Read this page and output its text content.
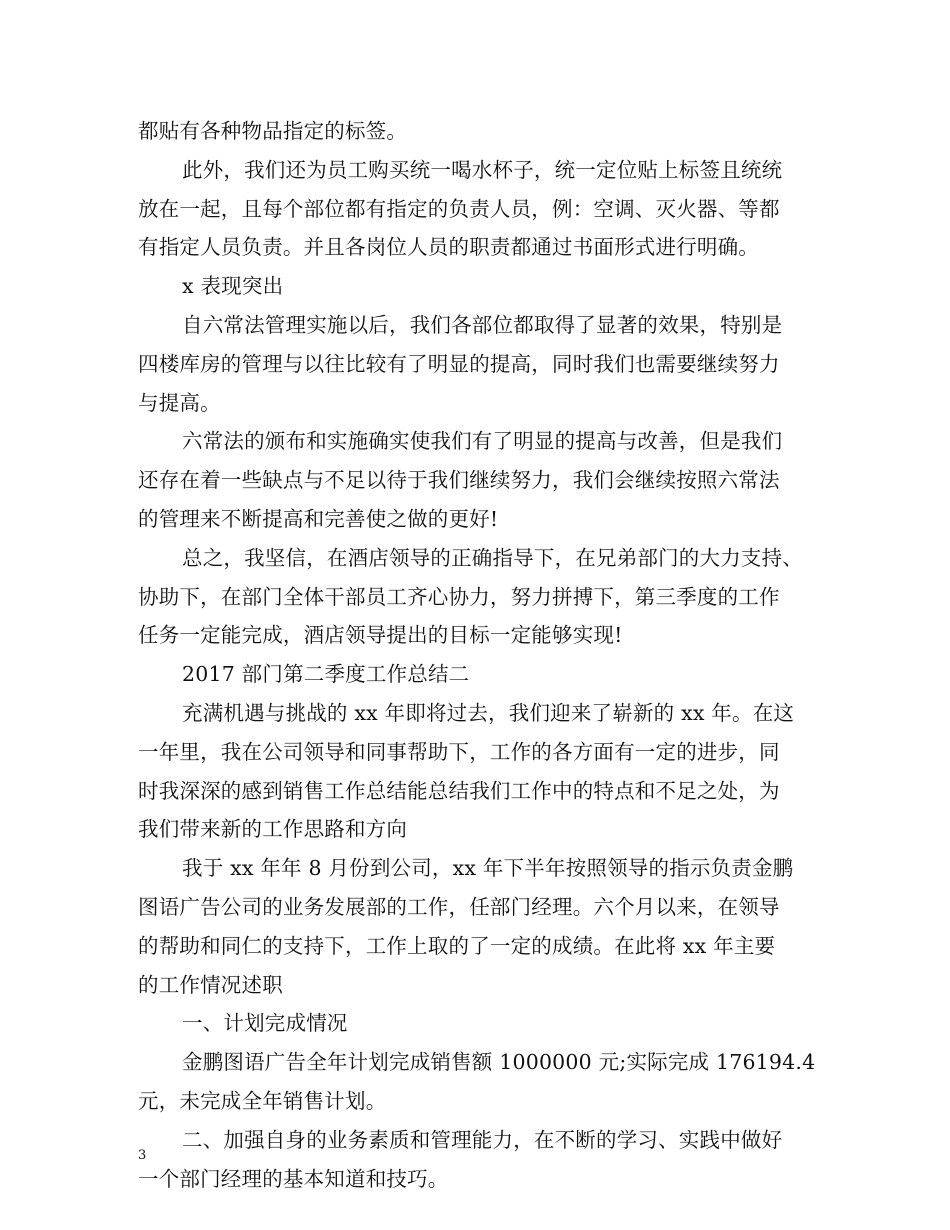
都贴有各种物品指定的标签。
此外，我们还为员工购买统一喝水杯子，统一定位贴上标签且统统
放在一起，且每个部位都有指定的负责人员，例：空调、灭火器、等都
有指定人员负责。并且各岗位人员的职责都通过书面形式进行明确。
x 表现突出
自六常法管理实施以后，我们各部位都取得了显著的效果，特别是
四楼库房的管理与以往比较有了明显的提高，同时我们也需要继续努力
与提高。
六常法的颁布和实施确实使我们有了明显的提高与改善，但是我们
还存在着一些缺点与不足以待于我们继续努力，我们会继续按照六常法
的管理来不断提高和完善使之做的更好!
总之，我坚信，在酒店领导的正确指导下，在兄弟部门的大力支持、
协助下，在部门全体干部员工齐心协力，努力拼搏下，第三季度的工作
任务一定能完成，酒店领导提出的目标一定能够实现!
2017 部门第二季度工作总结二
充满机遇与挑战的 xx 年即将过去，我们迎来了崭新的 xx 年。在这
一年里，我在公司领导和同事帮助下，工作的各方面有一定的进步，同
时我深深的感到销售工作总结能总结我们工作中的特点和不足之处，为
我们带来新的工作思路和方向
我于 xx 年年 8 月份到公司，xx 年下半年按照领导的指示负责金鹏
图语广告公司的业务发展部的工作，任部门经理。六个月以来，在领导
的帮助和同仁的支持下，工作上取的了一定的成绩。在此将 xx 年主要
的工作情况述职
一、计划完成情况
金鹏图语广告全年计划完成销售额 1000000 元;实际完成 176194.4
元，未完成全年销售计划。
二、加强自身的业务素质和管理能力，在不断的学习、实践中做好
一个部门经理的基本知道和技巧。
3
